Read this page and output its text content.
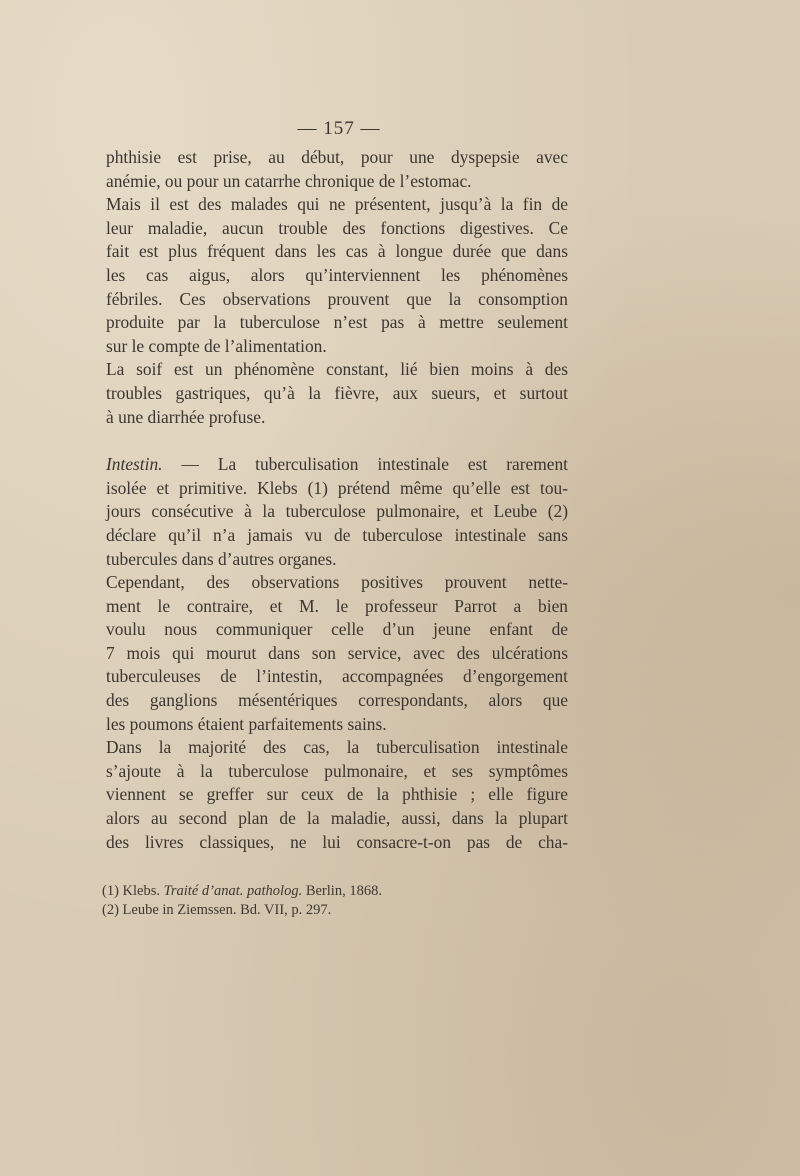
— 157 —
phthisie est prise, au début, pour une dyspepsie avec
anémie, ou pour un catarrhe chronique de l’estomac.
Mais il est des malades qui ne présentent, jusqu’à la fin de
leur maladie, aucun trouble des fonctions digestives. Ce
fait est plus fréquent dans les cas à longue durée que dans
les cas aigus, alors qu’interviennent les phénomènes
fébriles. Ces observations prouvent que la consomption
produite par la tuberculose n’est pas à mettre seulement
sur le compte de l’alimentation.
La soif est un phénomène constant, lié bien moins à des
troubles gastriques, qu’à la fièvre, aux sueurs, et surtout
à une diarrhée profuse.
Intestin. — La tuberculisation intestinale est rarement
isolée et primitive. Klebs (1) prétend même qu’elle est tou-
jours consécutive à la tuberculose pulmonaire, et Leube (2)
déclare qu’il n’a jamais vu de tuberculose intestinale sans
tubercules dans d’autres organes.
Cependant, des observations positives prouvent nette-
ment le contraire, et M. le professeur Parrot a bien
voulu nous communiquer celle d’un jeune enfant de
7 mois qui mourut dans son service, avec des ulcérations
tuberculeuses de l’intestin, accompagnées d’engorgement
des ganglions mésentériques correspondants, alors que
les poumons étaient parfaitements sains.
Dans la majorité des cas, la tuberculisation intestinale
s’ajoute à la tuberculose pulmonaire, et ses symptômes
viennent se greffer sur ceux de la phthisie ; elle figure
alors au second plan de la maladie, aussi, dans la plupart
des livres classiques, ne lui consacre-t-on pas de cha-
(1) Klebs. Traité d’anat. patholog. Berlin, 1868.
(2) Leube in Ziemssen. Bd. VII, p. 297.
